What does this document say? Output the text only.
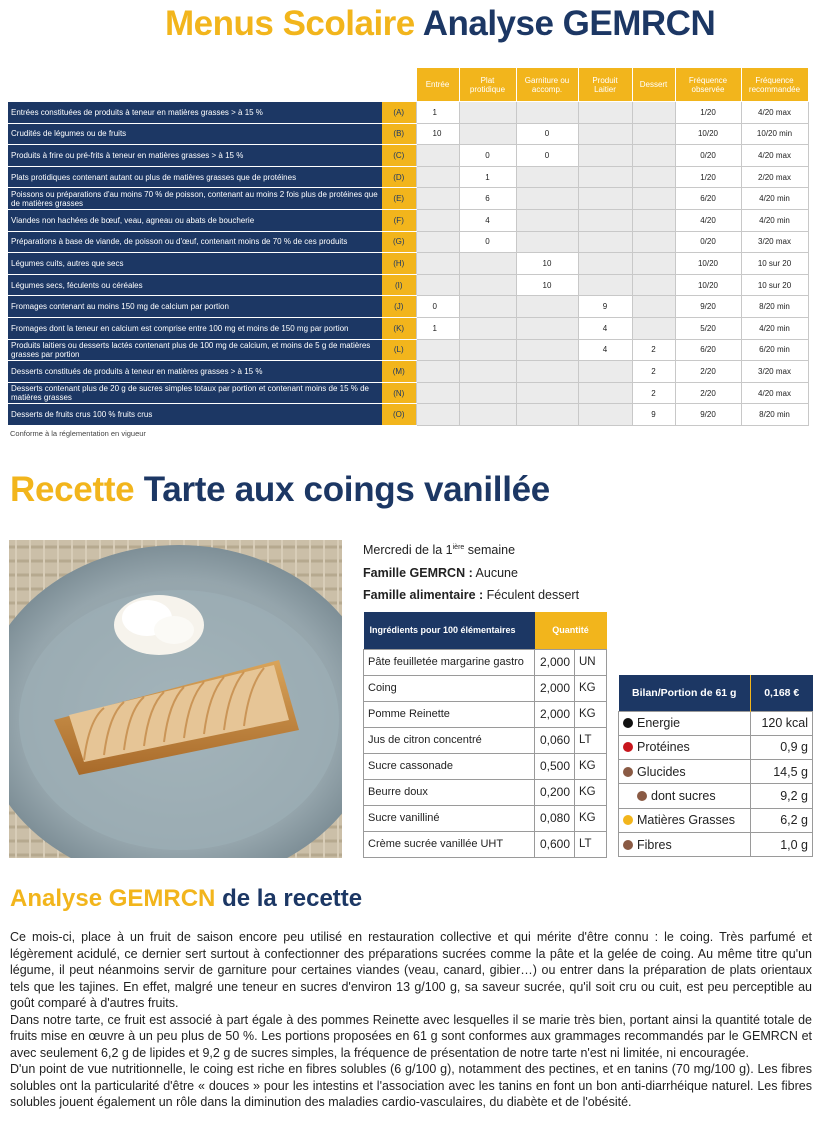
Menus Scolaire Analyse GEMRCN
		Entrée	Plat protidique	Garniture ou accomp.	Produit Laitier	Dessert	Fréquence observée	Fréquence recommandée
Entrées constituées de produits à teneur en matières grasses > à 15 %	(A)	1					1/20	4/20 max
Crudités de légumes ou de fruits	(B)	10		0			10/20	10/20 min
Produits à frire ou pré-frits à teneur en matières grasses > à 15 %	(C)		0	0			0/20	4/20 max
Plats protidiques contenant autant ou plus de matières grasses que de protéines	(D)		1				1/20	2/20 max
Poissons ou préparations d'au moins 70 % de poisson, contenant au moins 2 fois plus de protéines que de matières grasses	(E)		6				6/20	4/20 min
Viandes non hachées de bœuf, veau, agneau ou abats de boucherie	(F)		4				4/20	4/20 min
Préparations à base de viande, de poisson ou d'œuf, contenant moins de 70 % de ces produits	(G)		0				0/20	3/20 max
Légumes cuits, autres que secs	(H)			10			10/20	10 sur 20
Légumes secs, féculents ou céréales	(I)			10			10/20	10 sur 20
Fromages contenant au moins 150 mg de calcium par portion	(J)	0			9		9/20	8/20 min
Fromages dont la teneur en calcium est comprise entre 100 mg et moins de 150 mg par portion	(K)	1			4		5/20	4/20 min
Produits laitiers ou desserts lactés contenant plus de 100 mg de calcium, et moins de 5 g de matières grasses par portion	(L)				4	2	6/20	6/20 min
Desserts constitués de produits à teneur en matières grasses > à 15 %	(M)					2	2/20	3/20 max
Desserts contenant plus de 20 g de sucres simples totaux par portion et contenant moins de 15 % de matières grasses	(N)					2	2/20	4/20 max
Desserts de fruits crus 100 % fruits crus	(O)					9	9/20	8/20 min
Conforme à la réglementation en vigueur
Recette Tarte aux coings vanillée
Mercredi de la $1^{ière}$ semaine
Famille GEMRCN : Aucune
Famille alimentaire : Féculent dessert
Ingrédients pour 100 élémentaires	Quantité	
Pâte feuilletée margarine gastro	2,000	UN
Coing	2,000	KG
Pomme Reinette	2,000	KG
Jus de citron concentré	0,060	LT
Sucre cassonade	0,500	KG
Beurre doux	0,200	KG
Sucre vanilliné	0,080	KG
Crème sucrée vanillée UHT	0,600	LT
Bilan/Portion de 61 g	0,168 €
Energie	120 kcal
Protéines	0,9 g
Glucides	14,5 g
dont sucres	9,2 g
Matières Grasses	6,2 g
Fibres	1,0 g
Analyse GEMRCN de la recette

Ce mois-ci, place à un fruit de saison encore peu utilisé en restauration collective et qui mérite d'être connu : le coing. Très parfumé et légèrement acidulé, ce dernier sert surtout à confectionner des préparations sucrées comme la pâte et la gelée de coing. Au même titre qu'un légume, il peut néanmoins servir de garniture pour certaines viandes (veau, canard, gibier…) ou entrer dans la préparation de plats orientaux tels que les tajines. En effet, malgré une teneur en sucres d'environ 13 g/100 g, sa saveur sucrée, qu'il soit cru ou cuit, est peu perceptible au goût comparé à d'autres fruits.

Dans notre tarte, ce fruit est associé à part égale à des pommes Reinette avec lesquelles il se marie très bien, portant ainsi la quantité totale de fruits mise en œuvre à un peu plus de 50 %. Les portions proposées en 61 g sont conformes aux grammages recommandés par le GEMRCN et avec seulement 6,2 g de lipides et 9,2 g de sucres simples, la fréquence de présentation de notre tarte n'est ni limitée, ni encouragée.

D'un point de vue nutritionnelle, le coing est riche en fibres solubles (6 g/100 g), notamment des pectines, et en tanins (70 mg/100 g). Les fibres solubles ont la particularité d'être « douces » pour les intestins et l'association avec les tanins en font un bon anti-diarrhéique naturel. Les fibres solubles jouent également un rôle dans la diminution des maladies cardio-vasculaires, du diabète et de l'obésité.
